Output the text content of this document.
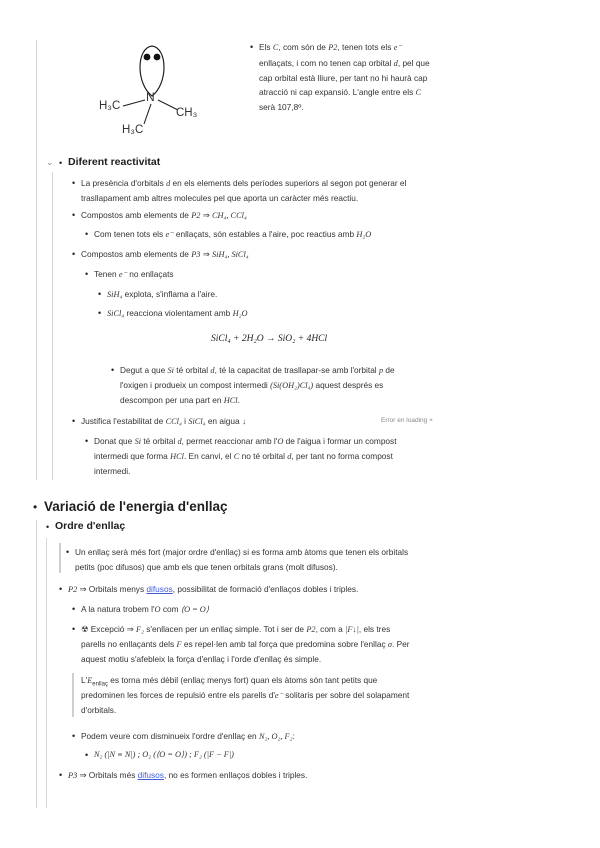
N
H₃C
CH₃
H₃C
• Els C, com són de P2, tenen tots els e⁻
enllaçats, i com no tenen cap orbital d, pel que
cap orbital està lliure, per tant no hi haurà cap
atracció ni cap expansió. L'angle entre els C
serà 107,8º.
⌄ • Diferent reactivitat
• La presència d'orbitals d en els elements dels períodes superiors al segon pot generar el
trasllapament amb altres molecules pel que aporta un caràcter més reactiu.
• Compostos amb elements de P2 ⇒ CH₄, CCl₄
• Com tenen tots els e⁻ enllaçats, són estables a l'aire, poc reactius amb H₂O
• Compostos amb elements de P3 ⇒ SiH₄, SiCl₄
• Tenen e⁻ no enllaçats
• SiH₄ explota, s'inflama a l'aire.
• SiCl₄ reacciona violentament amb H₂O
SiCl₄ + 2H₂O → SiO₂ + 4HCl
• Degut a que Si té orbital d, té la capacitat de trasllapar-se amb l'orbital p de
l'oxigen i produeix un compost intermedi (Si(OH₂)Cl₄) aquest després es
descompon per una part en HCl.
• Justifica l'estabilitat de CCl₄ i SiCl₄ en aigua ↓	Error en loading ×
• Donat que Si té orbital d, permet reaccionar amb l'O de l'aigua i formar un compost
intermedi que forma HCl. En canvi, el C no té orbital d, per tant no forma compost
intermedi.
• Variació de l'energia d'enllaç
• Ordre d'enllaç
• Un enllaç serà més fort (major ordre d'enllaç) si es forma amb àtoms que tenen els orbitals
petits (poc difusos) que amb els que tenen orbitals grans (molt difusos).
• P2 ⇒ Orbitals menys difusos, possibilitat de formació d'enllaços dobles i triples.
• A la natura trobem l'O com ⟨O = O⟩
• ☢ Excepció ⇒ F₂ s'enllacen per un enllaç simple. Tot i ser de P2, com a |F↓|, els tres
parells no enllaçants dels F es repel·len amb tal força que predomina sobre l'enllaç σ. Per
aquest motiu s'afebleix la força d'enllaç i l'orde d'enllaç és simple.
$L'E_{enllaç}$ es torna més dèbil (enllaç menys fort) quan els àtoms són tant petits que
predominen les forces de repulsió entre els parells d'e⁻ solitaris per sobre del solapament
d'orbitals.
• Podem veure com disminueix l'ordre d'enllaç en N₂, O₂, F₂:
• N₂ (|N ≡ N|) ; O₂ (⟨O = O⟩) ; F₂ (|F − F|)
• P3 ⇒ Orbitals més difusos, no es formen enllaços dobles i triples.
